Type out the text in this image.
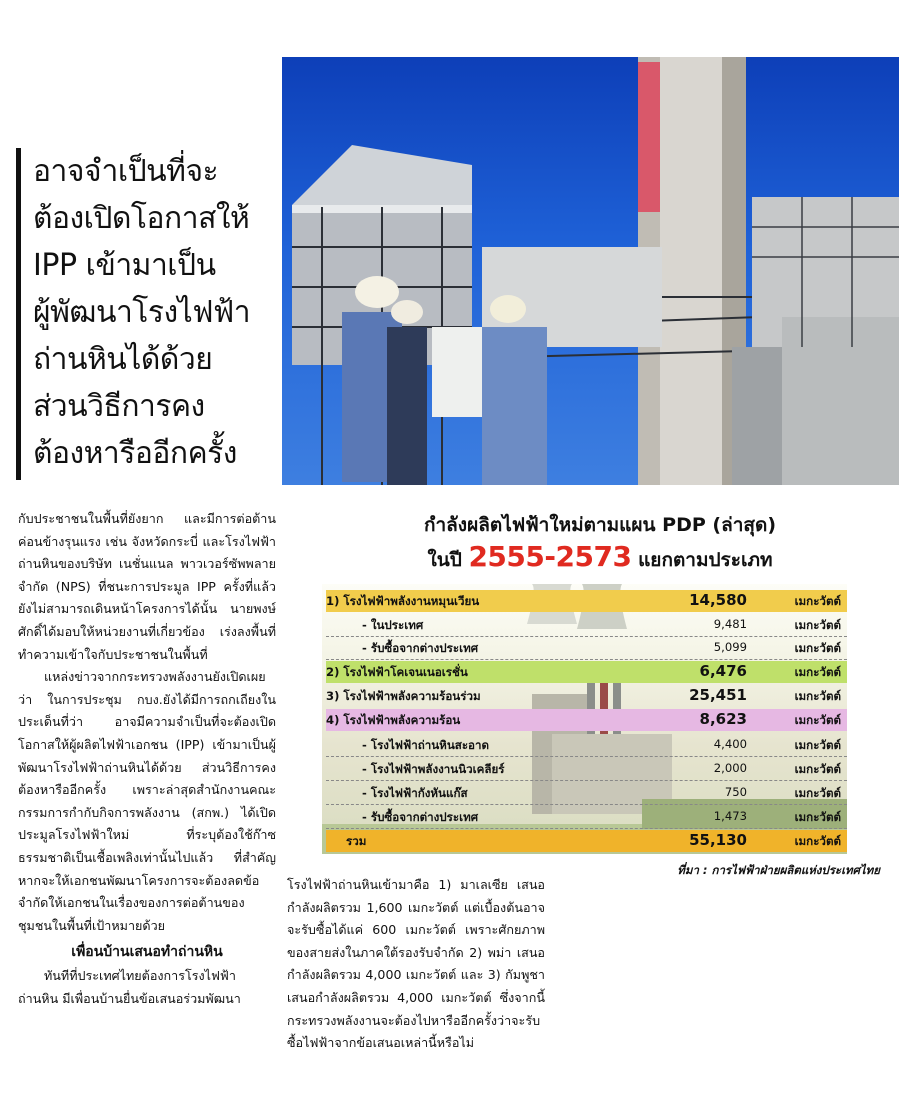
อาจจำเป็นที่จะ
ต้องเปิดโอกาสให้
IPP เข้ามาเป็น
ผู้พัฒนาโรงไฟฟ้า
ถ่านหินได้ด้วย
ส่วนวิธีการคง
ต้องหารืออีกครั้ง

กับประชาชนในพื้นที่ยังยาก และมีการต่อต้านค่อนข้างรุนแรง เช่น จังหวัดกระบี่ และโรงไฟฟ้าถ่านหินของบริษัท เนชั่นแนล พาวเวอร์ซัพพลาย จำกัด (NPS) ที่ชนะการประมูล IPP ครั้งที่แล้ว ยังไม่สามารถเดินหน้าโครงการได้นั้น นายพงษ์ศักดิ์ได้มอบให้หน่วยงานที่เกี่ยวข้อง เร่งลงพื้นที่ทำความเข้าใจกับประชาชนในพื้นที่

แหล่งข่าวจากกระทรวงพลังงานยังเปิดเผยว่า ในการประชุม กบง.ยังได้มีการถกเถียงในประเด็นที่ว่า อาจมีความจำเป็นที่จะต้องเปิดโอกาสให้ผู้ผลิตไฟฟ้าเอกชน (IPP) เข้ามาเป็นผู้พัฒนาโรงไฟฟ้าถ่านหินได้ด้วย ส่วนวิธีการคงต้องหารืออีกครั้ง เพราะล่าสุดสำนักงานคณะกรรมการกำกับกิจการพลังงาน (สกพ.) ได้เปิดประมูลโรงไฟฟ้าใหม่ ที่ระบุต้องใช้ก๊าซธรรมชาติเป็นเชื้อเพลิงเท่านั้นไปแล้ว ที่สำคัญหากจะให้เอกชนพัฒนาโครงการจะต้องลดข้อจำกัดให้เอกชนในเรื่องของการต่อต้านของชุมชนในพื้นที่เป้าหมายด้วย

เพื่อนบ้านเสนอทำถ่านหิน

ทันทีที่ประเทศไทยต้องการโรงไฟฟ้าถ่านหิน มีเพื่อนบ้านยื่นข้อเสนอร่วมพัฒนา

กำลังผลิตไฟฟ้าใหม่ตามแผน PDP (ล่าสุด)
ในปี 2555-2573 แยกตามประเภท
1) โรงไฟฟ้าพลังงานหมุนเวียน	14,580	เมกะวัตต์
- ในประเทศ	9,481	เมกะวัตต์
- รับซื้อจากต่างประเทศ	5,099	เมกะวัตต์
2) โรงไฟฟ้าโคเจนเนอเรชั่น	6,476	เมกะวัตต์
3) โรงไฟฟ้าพลังความร้อนร่วม	25,451	เมกะวัตต์
4) โรงไฟฟ้าพลังความร้อน	8,623	เมกะวัตต์
- โรงไฟฟ้าถ่านหินสะอาด	4,400	เมกะวัตต์
- โรงไฟฟ้าพลังงานนิวเคลียร์	2,000	เมกะวัตต์
- โรงไฟฟ้ากังหันแก๊ส	750	เมกะวัตต์
- รับซื้อจากต่างประเทศ	1,473	เมกะวัตต์
รวม	55,130	เมกะวัตต์
ที่มา : การไฟฟ้าฝ่ายผลิตแห่งประเทศไทย

โรงไฟฟ้าถ่านหินเข้ามาคือ 1) มาเลเซีย เสนอกำลังผลิตรวม 1,600 เมกะวัตต์ แต่เบื้องต้นอาจจะรับซื้อได้แค่ 600 เมกะวัตต์ เพราะศักยภาพของสายส่งในภาคใต้รองรับจำกัด 2) พม่า เสนอกำลังผลิตรวม 4,000 เมกะวัตต์ และ 3) กัมพูชา เสนอกำลังผลิตรวม 4,000 เมกะวัตต์ ซึ่งจากนี้กระทรวงพลังงานจะต้องไปหารืออีกครั้งว่าจะรับซื้อไฟฟ้าจากข้อเสนอเหล่านี้หรือไม่
